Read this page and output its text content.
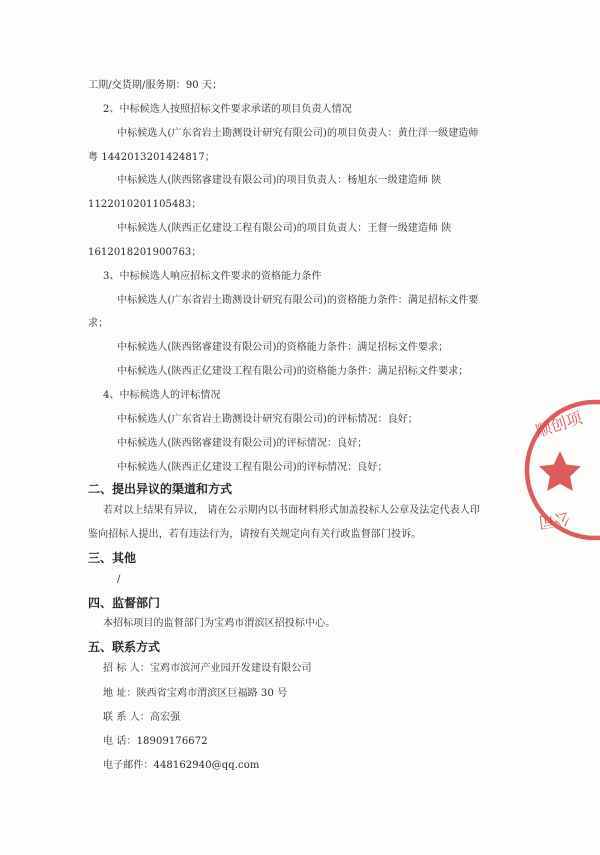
工期/交货期/服务期：90 天；
2、中标候选人按照招标文件要求承诺的项目负责人情况
中标候选人(广东省岩土勘测设计研究有限公司)的项目负责人：黄仕洋一级建造师
粤 1442013201424817；
中标候选人(陕西铭睿建设有限公司)的项目负责人：杨旭东一级建造师 陕
1122010201105483；
中标候选人(陕西正亿建设工程有限公司)的项目负责人：王督一级建造师 陕
1612018201900763；
3、中标候选人响应招标文件要求的资格能力条件
中标候选人(广东省岩土勘测设计研究有限公司)的资格能力条件：满足招标文件要
求；
中标候选人(陕西铭睿建设有限公司)的资格能力条件：满足招标文件要求；
中标候选人(陕西正亿建设工程有限公司)的资格能力条件：满足招标文件要求；
4、中标候选人的评标情况
中标候选人(广东省岩土勘测设计研究有限公司)的评标情况：良好；
中标候选人(陕西铭睿建设有限公司)的评标情况：良好；
中标候选人(陕西正亿建设工程有限公司)的评标情况：良好；
二、提出异议的渠道和方式
若对以上结果有异议， 请在公示期内以书面材料形式加盖投标人公章及法定代表人印
鉴向招标人提出，若有违法行为，请按有关规定向有关行政监督部门投诉。
三、其他
/
四、监督部门
本招标项目的监督部门为宝鸡市渭滨区招投标中心。
五、联系方式
招 标 人：宝鸡市滨河产业园开发建设有限公司
地 址：陕西省宝鸡市渭滨区巨福路 30 号
联 系 人：高宏强
电 话：18909176672
电子邮件：448162940@qq.com
顺创项
公司
